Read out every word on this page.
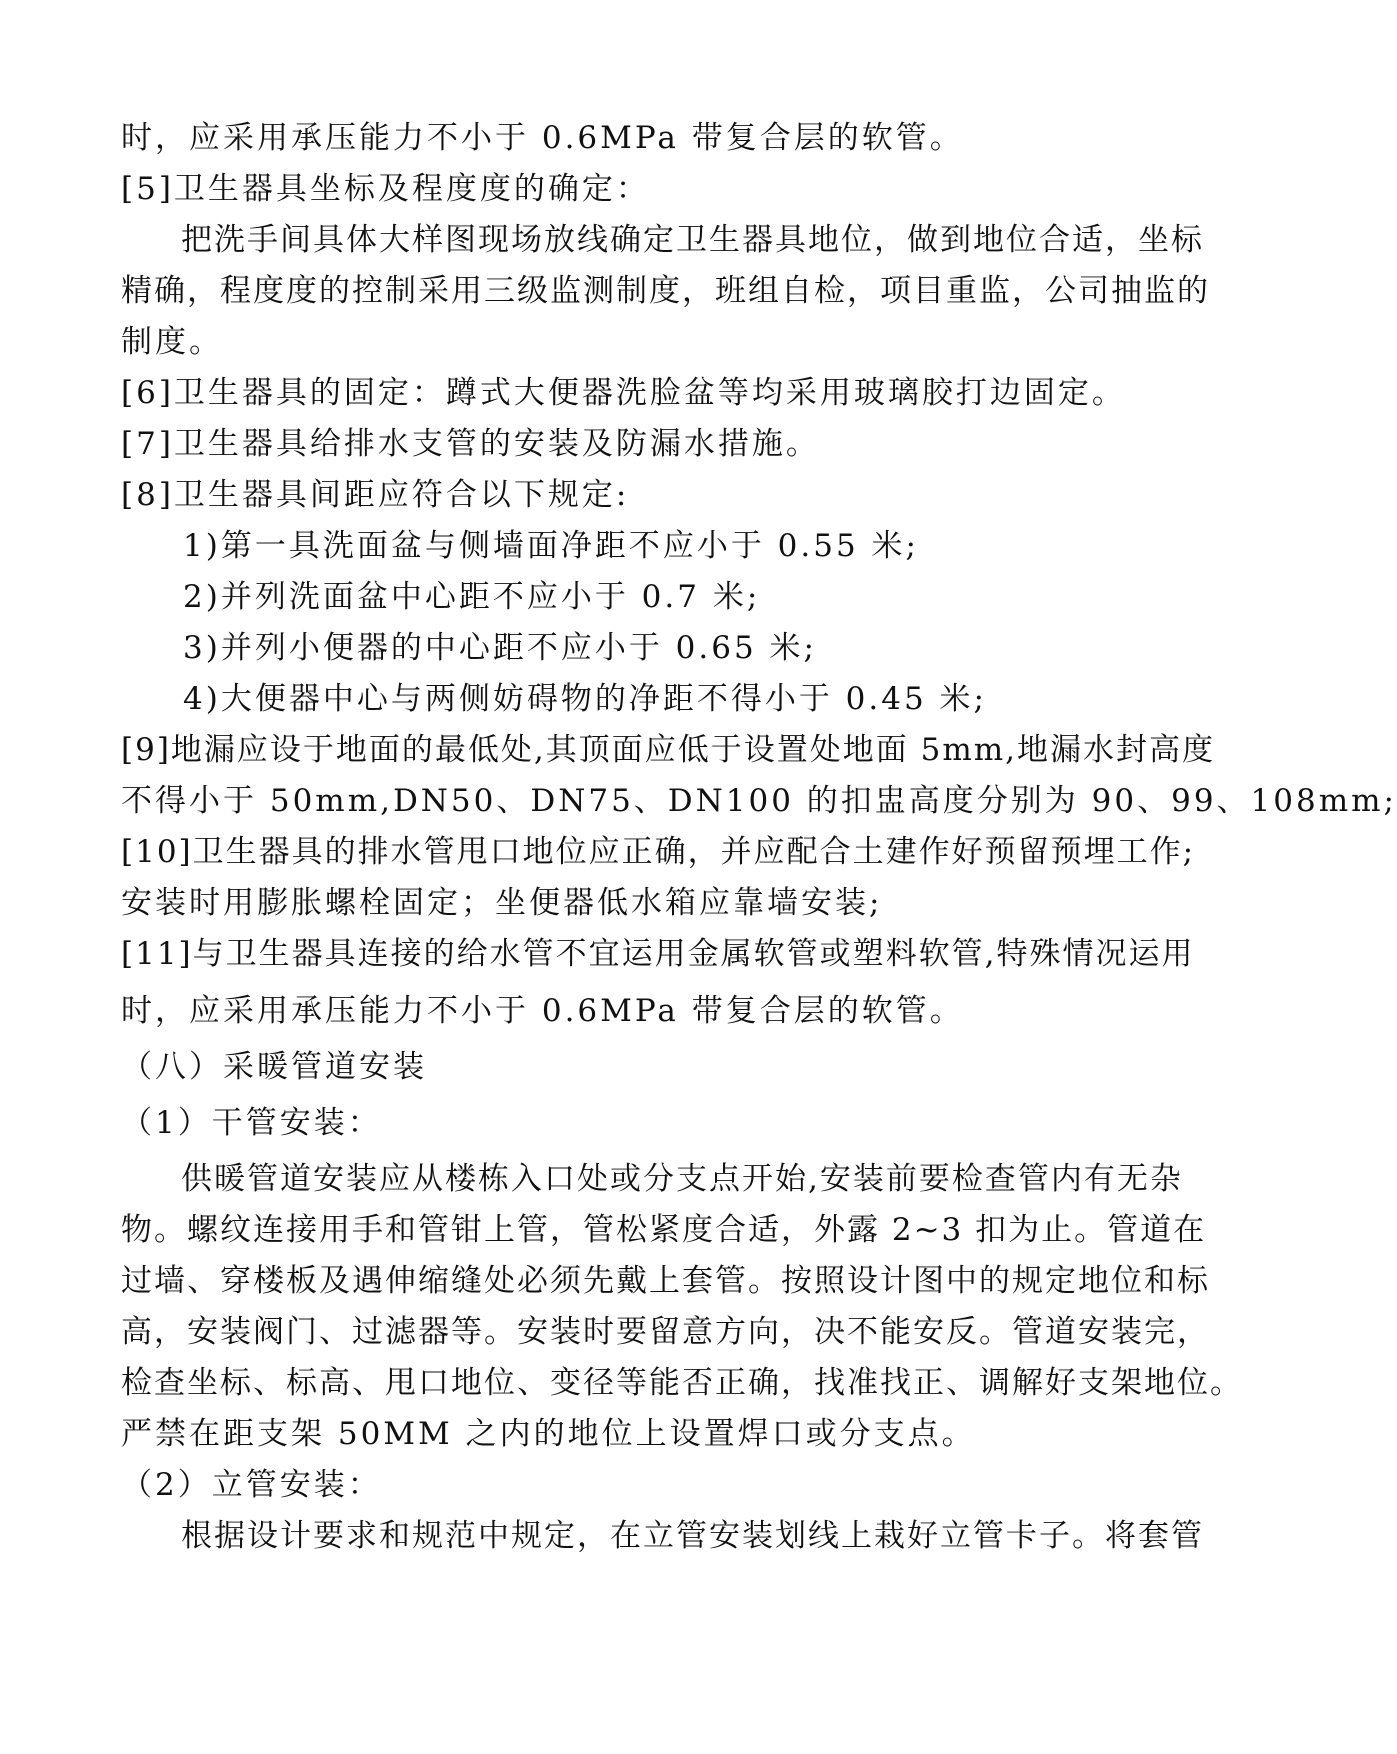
时，应采用承压能力不小于 0.6MPa 带复合层的软管。
[5]卫生器具坐标及程度度的确定：
把洗手间具体大样图现场放线确定卫生器具地位，做到地位合适，坐标
精确，程度度的控制采用三级监测制度，班组自检，项目重监，公司抽监的
制度。
[6]卫生器具的固定：蹲式大便器洗脸盆等均采用玻璃胶打边固定。
[7]卫生器具给排水支管的安装及防漏水措施。
[8]卫生器具间距应符合以下规定:
1)第一具洗面盆与侧墙面净距不应小于 0.55 米;
2)并列洗面盆中心距不应小于 0.7 米;
3)并列小便器的中心距不应小于 0.65 米;
4)大便器中心与两侧妨碍物的净距不得小于 0.45 米;
[9]地漏应设于地面的最低处,其顶面应低于设置处地面 5mm,地漏水封高度
不得小于 50mm,DN50、DN75、DN100 的扣盅高度分别为 90、99、108mm;
[10]卫生器具的排水管甩口地位应正确，并应配合土建作好预留预埋工作;
安装时用膨胀螺栓固定；坐便器低水箱应靠墙安装;
[11]与卫生器具连接的给水管不宜运用金属软管或塑料软管,特殊情况运用
时，应采用承压能力不小于 0.6MPa 带复合层的软管。
（八）采暖管道安装
（1）干管安装：
供暖管道安装应从楼栋入口处或分支点开始,安装前要检查管内有无杂
物。螺纹连接用手和管钳上管，管松紧度合适，外露 2~3 扣为止。管道在
过墙、穿楼板及遇伸缩缝处必须先戴上套管。按照设计图中的规定地位和标
高，安装阀门、过滤器等。安装时要留意方向，决不能安反。管道安装完，
检查坐标、标高、甩口地位、变径等能否正确，找准找正、调解好支架地位。
严禁在距支架 50MM 之内的地位上设置焊口或分支点。
（2）立管安装：
根据设计要求和规范中规定，在立管安装划线上栽好立管卡子。将套管
